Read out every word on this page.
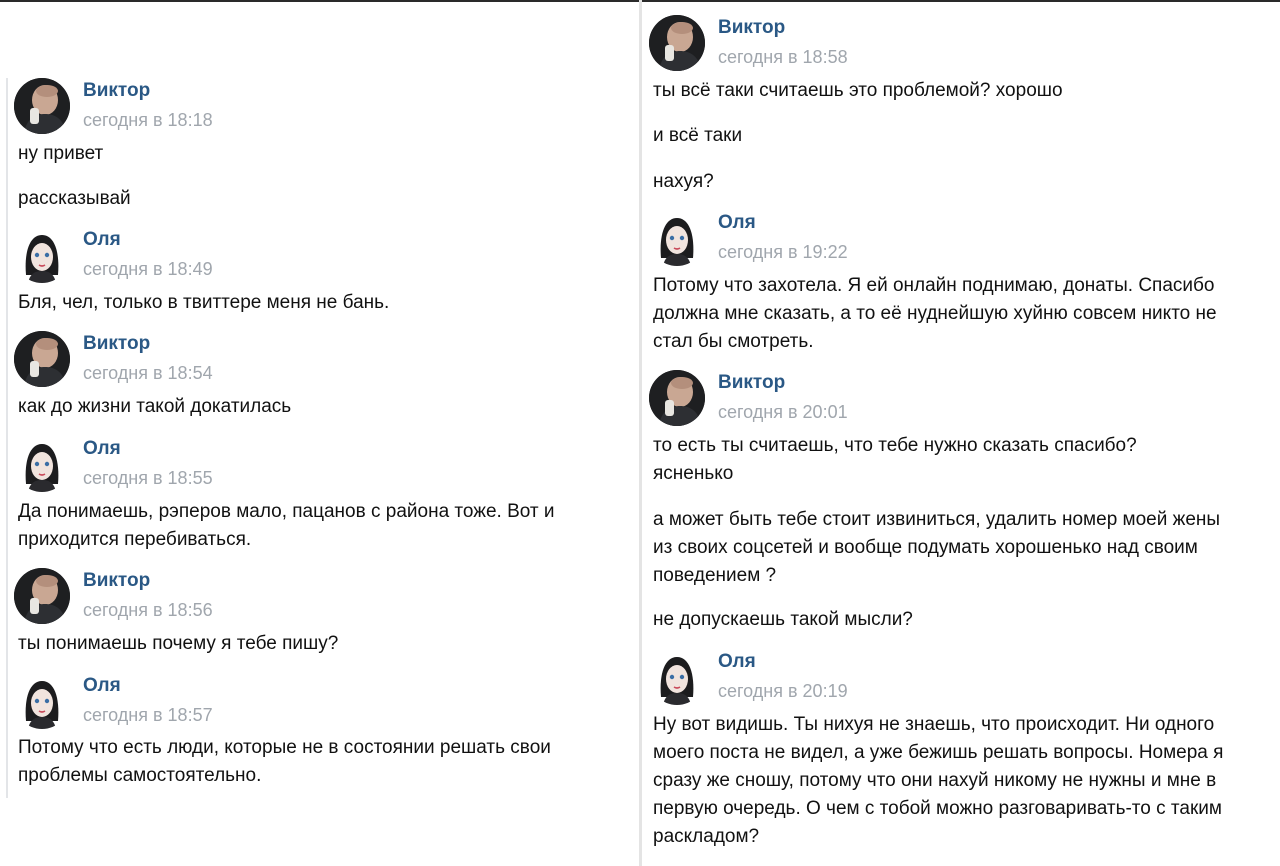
Виктор
сегодня в 18:18
ну привет
рассказывай
Оля
сегодня в 18:49
Бля, чел, только в твиттере меня не бань.
Виктор
сегодня в 18:54
как до жизни такой докатилась
Оля
сегодня в 18:55
Да понимаешь, рэперов мало, пацанов с района тоже. Вот и приходится перебиваться.
Виктор
сегодня в 18:56
ты понимаешь почему я тебе пишу?
Оля
сегодня в 18:57
Потому что есть люди, которые не в состоянии решать свои проблемы самостоятельно.
Виктор
сегодня в 18:58
ты всё таки считаешь это проблемой? хорошо
и всё таки
нахуя?
Оля
сегодня в 19:22
Потому что захотела. Я ей онлайн поднимаю, донаты. Спасибо должна мне сказать, а то её нуднейшую хуйню совсем никто не стал бы смотреть.
Виктор
сегодня в 20:01
то есть ты считаешь, что тебе нужно сказать спасибо? ясненько
а может быть тебе стоит извиниться, удалить номер моей жены из своих соцсетей и вообще подумать хорошенько над своим поведением ?
не допускаешь такой мысли?
Оля
сегодня в 20:19
Ну вот видишь. Ты нихуя не знаешь, что происходит. Ни одного моего поста не видел, а уже бежишь решать вопросы. Номера я сразу же сношу, потому что они нахуй никому не нужны и мне в первую очередь. О чем с тобой можно разговаривать-то с таким раскладом?
